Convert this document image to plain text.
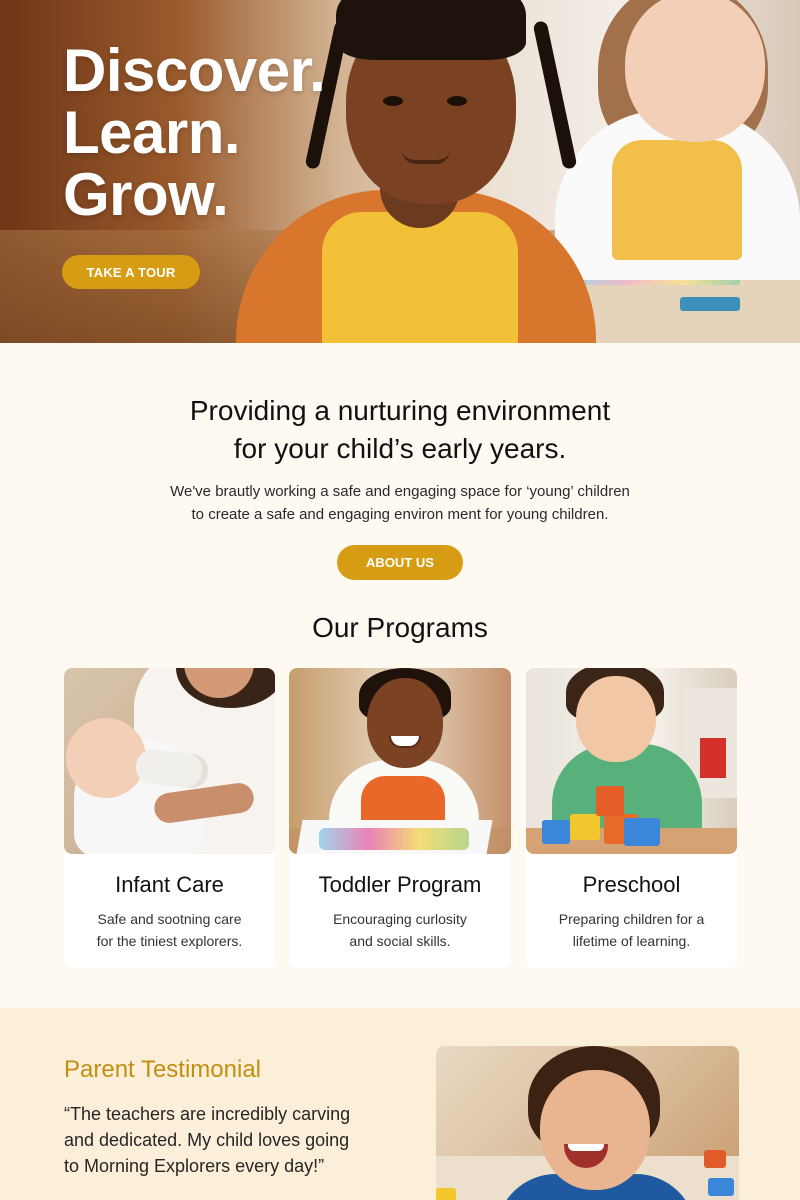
Discover.
Learn.
Grow.
TAKE A TOUR
Providing a nurturing environment
for your child’s early years.
We've brautly working a safe and engaging space for ‘young’ children
to create a safe and engaging environ ment for young children.
ABOUT US
Our Programs
Infant Care
Safe and sootning care
for the tiniest explorers.
Toddler Program
Encouraging curlosity
and social skills.
Preschool
Preparing children for a
lifetime of learning.
Parent Testimonial
“The teachers are incredibly carving
and dedicated. My child loves going
to Morning Explorers every day!”
